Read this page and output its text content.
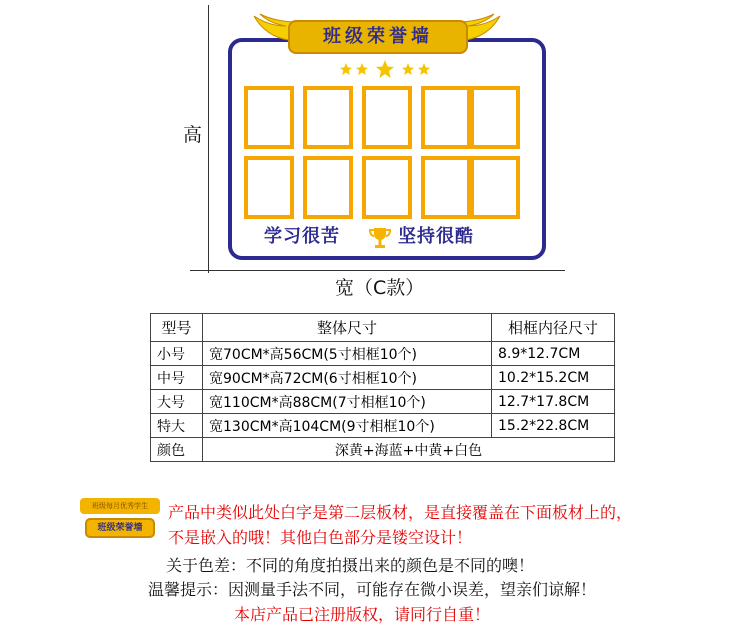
高
宽（C款）
班级荣誉墙
学习很苦	坚持很酷
型号	整体尺寸	相框内径尺寸
小号	宽70CM*高56CM(5寸相框10个)	8.9*12.7CM
中号	宽90CM*高72CM(6寸相框10个)	10.2*15.2CM
大号	宽110CM*高88CM(7寸相框10个)	12.7*17.8CM
特大	宽130CM*高104CM(9寸相框10个)	15.2*22.8CM
颜色	深黄+海蓝+中黄+白色	
班级每月优秀学生
班级荣誉墙
产品中类似此处白字是第二层板材，是直接覆盖在下面板材上的，
不是嵌入的哦！其他白色部分是镂空设计！
关于色差：不同的角度拍摄出来的颜色是不同的噢！
温馨提示：因测量手法不同，可能存在微小误差，望亲们谅解！
本店产品已注册版权，请同行自重！
